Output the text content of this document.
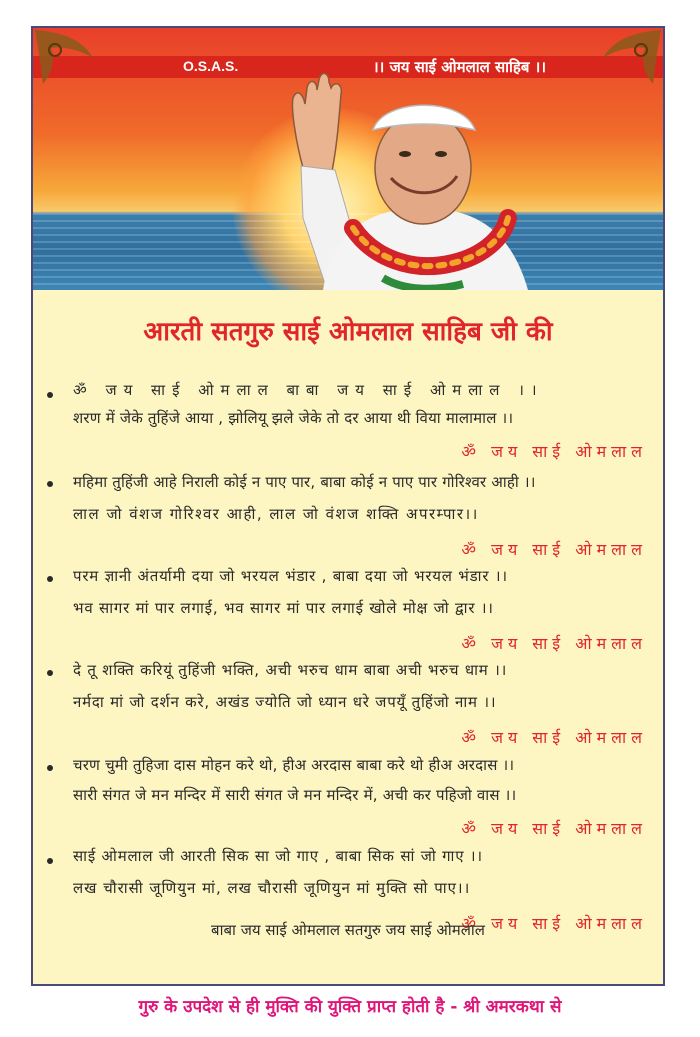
O.S.A.S.	।। जय साई ओमलाल साहिब ।।
आरती सतगुरु साई ओमलाल साहिब जी की
ॐ जय साई ओमलाल बाबा जय साई ओमलाल ।।
शरण में जेके तुहिंजे आया , झोलियू झले जेके तो दर आया थी विया मालामाल ।।
ॐ जय साई ओमलाल
महिमा तुहिंजी आहे निराली कोई न पाए पार, बाबा कोई न पाए पार गोरिश्वर आही ।।
लाल जो वंशज गोरिश्वर आही, लाल जो वंशज शक्ति अपरम्पार।।
ॐ जय साई ओमलाल
परम ज्ञानी अंतर्यामी दया जो भरयल भंडार , बाबा दया जो भरयल भंडार ।।
भव सागर मां पार लगाई, भव सागर मां पार लगाई खोले मोक्ष जो द्वार ।।
ॐ जय साई ओमलाल
दे तू शक्ति करियूं तुहिंजी भक्ति, अची भरुच धाम बाबा अची भरुच धाम ।।
नर्मदा मां जो दर्शन करे, अखंड ज्योति जो ध्यान धरे जपयूँ तुहिंजो नाम ।।
ॐ जय साई ओमलाल
चरण चुमी तुहिजा दास मोहन करे थो, हीअ अरदास बाबा करे थो हीअ अरदास ।।
सारी संगत जे मन मन्दिर में सारी संगत जे मन मन्दिर में, अची कर पहिजो वास ।।
ॐ जय साई ओमलाल
साई ओमलाल जी आरती सिक सा जो गाए , बाबा सिक सां जो गाए ।।
लख चौरासी जूणियुन मां, लख चौरासी जूणियुन मां मुक्ति सो पाए।।
ॐ जय साई ओमलाल
बाबा जय साई ओमलाल सतगुरु जय साई ओमलाल
गुरु के उपदेश से ही मुक्ति की युक्ति प्राप्त होती है - श्री अमरकथा से
